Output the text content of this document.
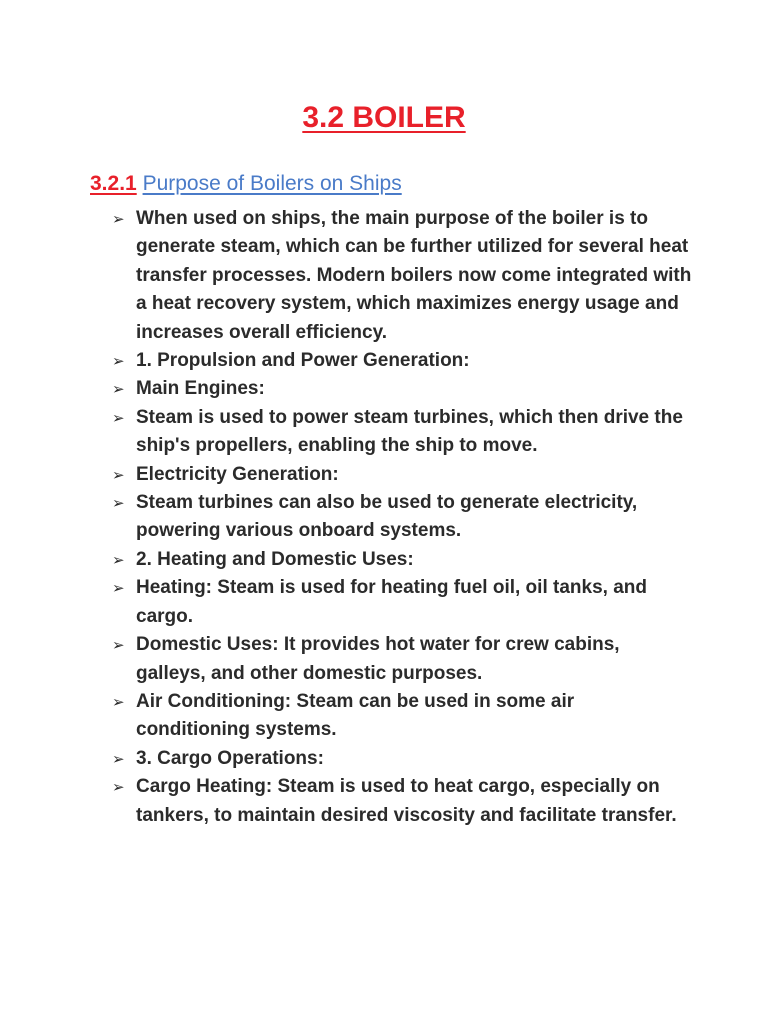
3.2 BOILER
3.2.1 Purpose of Boilers on Ships
➢ When used on ships, the main purpose of the boiler is to generate steam, which can be further utilized for several heat transfer processes. Modern boilers now come integrated with a heat recovery system, which maximizes energy usage and increases overall efficiency.
➢ 1. Propulsion and Power Generation:
➢ Main Engines:
➢ Steam is used to power steam turbines, which then drive the ship's propellers, enabling the ship to move.
➢ Electricity Generation:
➢ Steam turbines can also be used to generate electricity, powering various onboard systems.
➢ 2. Heating and Domestic Uses:
➢ Heating: Steam is used for heating fuel oil, oil tanks, and cargo.
➢ Domestic Uses: It provides hot water for crew cabins, galleys, and other domestic purposes.
➢ Air Conditioning: Steam can be used in some air conditioning systems.
➢ 3. Cargo Operations:
➢ Cargo Heating: Steam is used to heat cargo, especially on tankers, to maintain desired viscosity and facilitate transfer.
